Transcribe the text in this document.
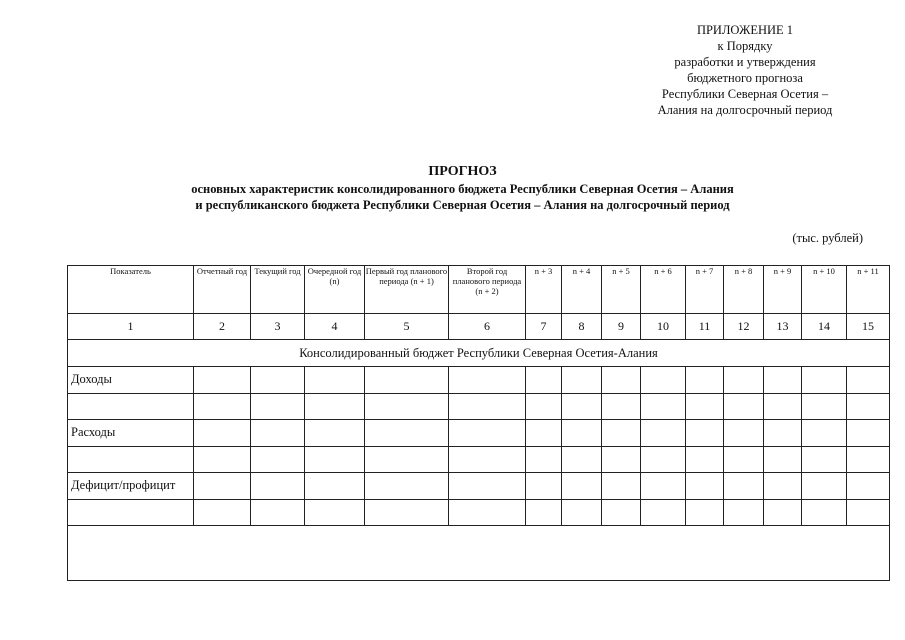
ПРИЛОЖЕНИЕ 1
к Порядку
разработки и утверждения
бюджетного прогноза
Республики Северная Осетия –
Алания на долгосрочный период
ПРОГНОЗ
основных характеристик консолидированного бюджета Республики Северная Осетия – Алания
и республиканского бюджета Республики Северная Осетия – Алания на долгосрочный период
(тыс. рублей)
Показатель	Отчетный год	Текущий год	Очередной год (n)	Первый год планового периода (n + 1)	Второй год планового периода (n + 2)	n + 3	n + 4	n + 5	n + 6	n + 7	n + 8	n + 9	n + 10	n + 11
1	2	3	4	5	6	7	8	9	10	11	12	13	14	15
Консолидированный бюджет Республики Северная Осетия-Алания														
Доходы														

Расходы														

Дефицит/профицит														
